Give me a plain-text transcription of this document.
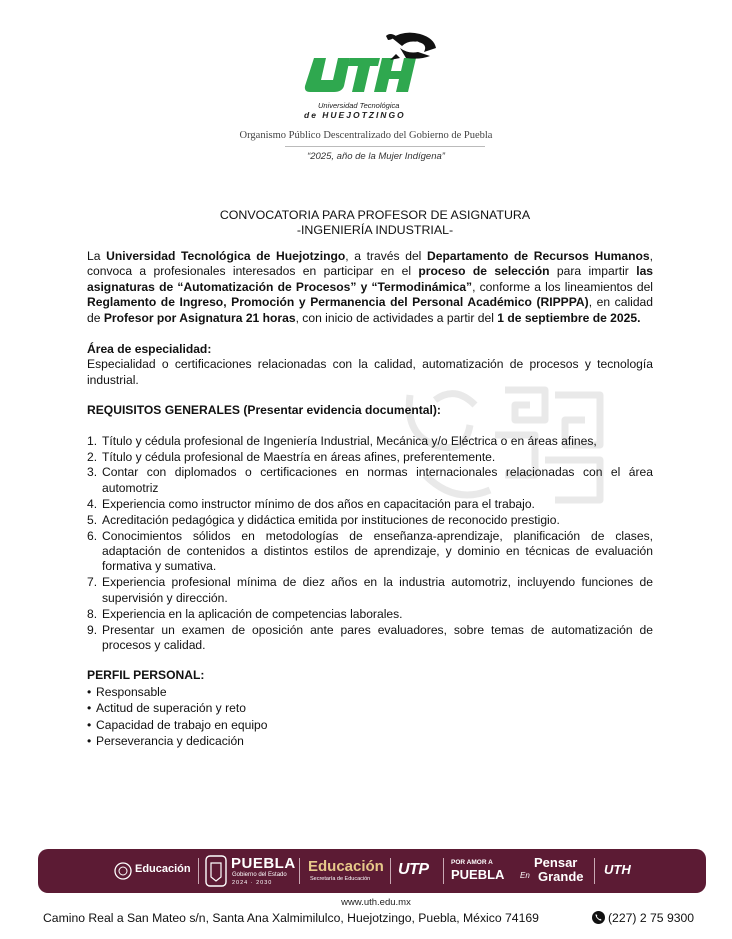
Universidad Tecnológica
de HUEJOTZINGO
Organismo Público Descentralizado del Gobierno de Puebla
“2025, año de la Mujer Indígena”
CONVOCATORIA PARA PROFESOR DE ASIGNATURA
-INGENIERÍA INDUSTRIAL-
La Universidad Tecnológica de Huejotzingo, a través del Departamento de Recursos Humanos, convoca a profesionales interesados en participar en el proceso de selección para impartir las asignaturas de “Automatización de Procesos” y “Termodinámica”, conforme a los lineamientos del Reglamento de Ingreso, Promoción y Permanencia del Personal Académico (RIPPPA), en calidad de Profesor por Asignatura 21 horas, con inicio de actividades a partir del 1 de septiembre de 2025.
Área de especialidad:
Especialidad o certificaciones relacionadas con la calidad, automatización de procesos y tecnología industrial.
REQUISITOS GENERALES (Presentar evidencia documental):
1. Título y cédula profesional de Ingeniería Industrial, Mecánica y/o Eléctrica o en áreas afines,
2. Título y cédula profesional de Maestría en áreas afines, preferentemente.
3. Contar con diplomados o certificaciones en normas internacionales relacionadas con el área automotriz
4. Experiencia como instructor mínimo de dos años en capacitación para el trabajo.
5. Acreditación pedagógica y didáctica emitida por instituciones de reconocido prestigio.
6. Conocimientos sólidos en metodologías de enseñanza-aprendizaje, planificación de clases, adaptación de contenidos a distintos estilos de aprendizaje, y dominio en técnicas de evaluación formativa y sumativa.
7. Experiencia profesional mínima de diez años en la industria automotriz, incluyendo funciones de supervisión y dirección.
8. Experiencia en la aplicación de competencias laborales.
9. Presentar un examen de oposición ante pares evaluadores, sobre temas de automatización de procesos y calidad.
PERFIL PERSONAL:
• Responsable
• Actitud de superación y reto
• Capacidad de trabajo en equipo
• Perseverancia y dedicación
Educación	PUEBLA
Gobierno del Estado
2024 · 2030
Educación
Secretaría de Educación
UTP	POR AMOR A
PUEBLA
Pensar
En Grande UTH
www.uth.edu.mx
Camino Real a San Mateo s/n, Santa Ana Xalmimilulco, Huejotzingo, Puebla, México 74169	(227) 2 75 9300
